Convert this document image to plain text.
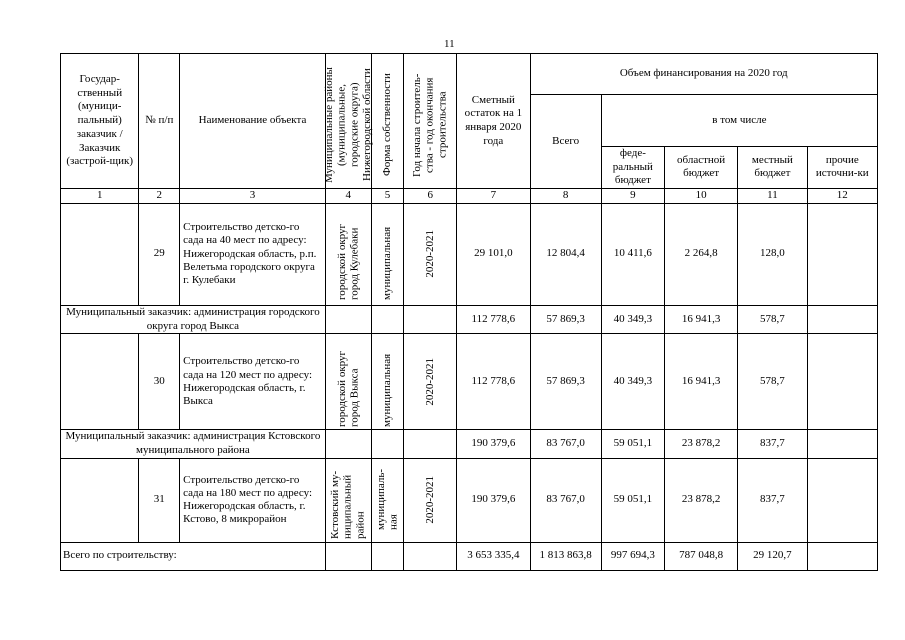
11
Государ-ственный (муници-пальный) заказчик / Заказчик (застрой-щик)	№ п/п	Наименование объекта	Муниципальные районы (муниципальные, городские округа) Нижегородской области	Форма собственности	Год начала строитель-ства - год окончания строительства	Сметный остаток на 1 января 2020 года	Объем финансирования на 2020 год				
							Всего	в том числе			
								феде-ральный бюджет	областной бюджет	местный бюджет	прочие источни-ки
1	2	3	4	5	6	7	8	9	10	11	12
	29	Строительство детско-го сада на 40 мест по адресу: Нижегородская область, р.п. Велетьма городского округа г. Кулебаки	городской округ город Кулебаки	муниципальная	2020-2021	29 101,0	12 804,4	10 411,6	2 264,8	128,0	
Муниципальный заказчик: администрация городского округа город Выкса						112 778,6	57 869,3	40 349,3	16 941,3	578,7	
	30	Строительство детско-го сада на 120 мест по адресу: Нижегородская область, г. Выкса	городской округ город Выкса	муниципальная	2020-2021	112 778,6	57 869,3	40 349,3	16 941,3	578,7	
Муниципальный заказчик: администрация Кстовского муниципального района						190 379,6	83 767,0	59 051,1	23 878,2	837,7	
	31	Строительство детско-го сада на 180 мест по адресу: Нижегородская область, г. Кстово, 8 микрорайон	Кстовский му-ниципальный район	муниципаль-ная	2020-2021	190 379,6	83 767,0	59 051,1	23 878,2	837,7	
Всего по строительству:						3 653 335,4	1 813 863,8	997 694,3	787 048,8	29 120,7	
